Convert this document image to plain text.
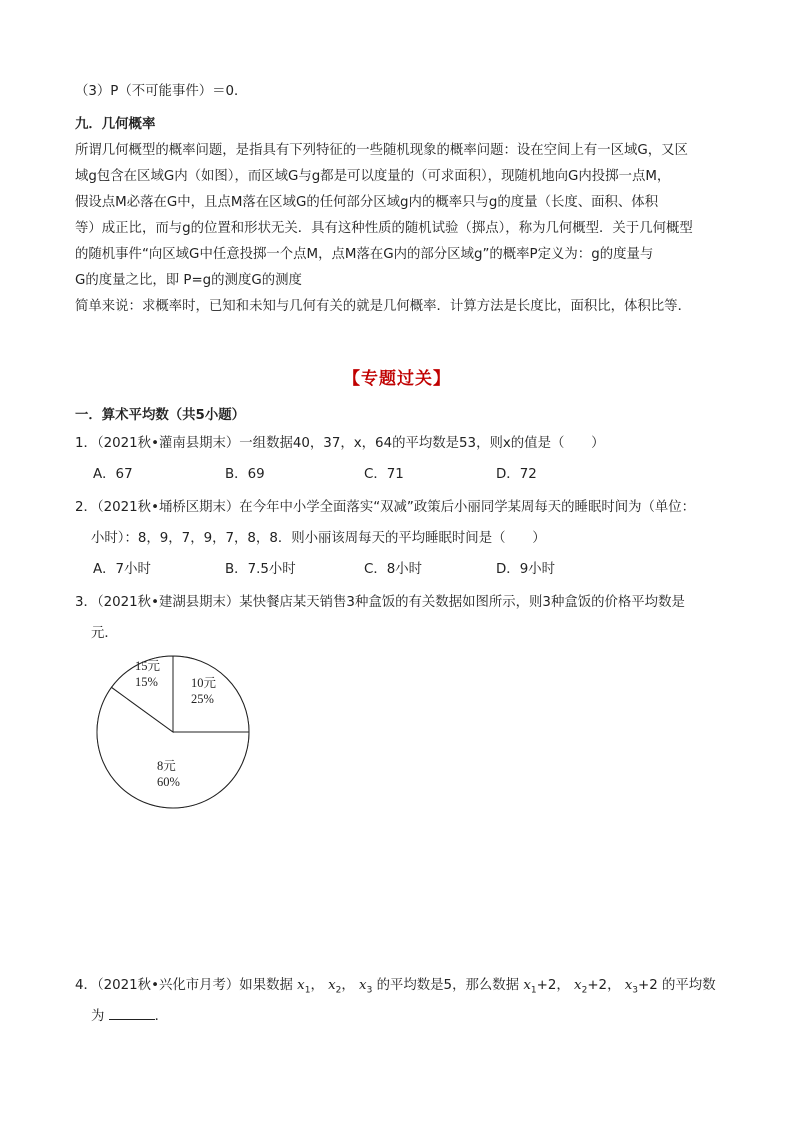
（3）P（不可能事件）＝0．
九．几何概率
所谓几何概型的概率问题，是指具有下列特征的一些随机现象的概率问题：设在空间上有一区域G，又区
域g包含在区域G内（如图），而区域G与g都是可以度量的（可求面积），现随机地向G内投掷一点M，
假设点M必落在G中，且点M落在区域G的任何部分区域g内的概率只与g的度量（长度、面积、体积
等）成正比，而与g的位置和形状无关．具有这种性质的随机试验（掷点），称为几何概型．关于几何概型
的随机事件“向区域G中任意投掷一个点M，点M落在G内的部分区域g”的概率P定义为：g的度量与
G的度量之比，即 P=g的测度G的测度
简单来说：求概率时，已知和未知与几何有关的就是几何概率．计算方法是长度比，面积比，体积比等．
【专题过关】
一．算术平均数（共5小题）
1．（2021秋•灌南县期末）一组数据40，37，x，64的平均数是53，则x的值是（　　）
A．67	B．69	C．71	D．72
2．（2021秋•埇桥区期末）在今年中小学全面落实“双减”政策后小丽同学某周每天的睡眠时间为（单位：
小时）：8，9，7，9，7，8，8．则小丽该周每天的平均睡眠时间是（　　）
A．7小时	B．7.5小时	C．8小时	D．9小时
3．（2021秋•建湖县期末）某快餐店某天销售3种盒饭的有关数据如图所示，则3种盒饭的价格平均数是
元．
10元
25%
8元
60%
15元
15%
4．（2021秋•兴化市月考）如果数据 $x_1$， $x_2$， $x_3$ 的平均数是5，那么数据 $x_1+2$， $x_2+2$， $x_3+2$ 的平均数
为	．
